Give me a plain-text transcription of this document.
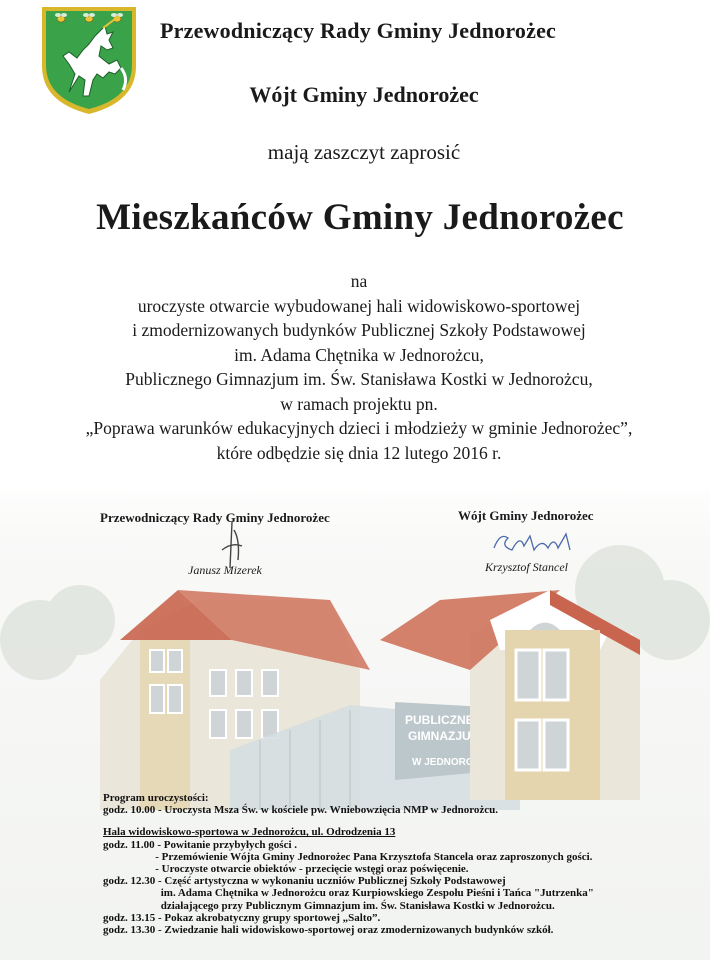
Przewodniczący Rady Gminy Jednorożec
Wójt Gminy Jednorożec
mają zaszczyt zaprosić
Mieszkańców Gminy Jednorożec
na
uroczyste otwarcie wybudowanej hali widowiskowo-sportowej
i zmodernizowanych budynków Publicznej Szkoły Podstawowej
im. Adama Chętnika w Jednorożcu,
Publicznego Gimnazjum im. Św. Stanisława Kostki w Jednorożcu,
w ramach projektu pn.
„Poprawa warunków edukacyjnych dzieci i młodzieży w gminie Jednorożec”,
które odbędzie się dnia 12 lutego 2016 r.
Przewodniczący Rady Gminy Jednorożec
Janusz Mizerek
Wójt Gminy Jednorożec
Krzysztof Stancel
Program uroczystości:
godz. 10.00 - Uroczysta Msza Św. w kościele pw. Wniebowzięcia NMP w Jednorożcu.
Hala widowiskowo-sportowa w Jednorożcu, ul. Odrodzenia 13
godz. 11.00 - Powitanie przybyłych gości .
- Przemówienie Wójta Gminy Jednorożec Pana Krzysztofa Stancela oraz zaproszonych gości.
- Uroczyste otwarcie obiektów - przecięcie wstęgi oraz poświęcenie.
godz. 12.30 - Część artystyczna w wykonaniu uczniów Publicznej Szkoły Podstawowej
im. Adama Chętnika w Jednorożcu oraz Kurpiowskiego Zespołu Pieśni i Tańca "Jutrzenka"
działającego przy Publicznym Gimnazjum im. Św. Stanisława Kostki w Jednorożcu.
godz. 13.15 - Pokaz akrobatyczny grupy sportowej „Salto”.
godz. 13.30 - Zwiedzanie hali widowiskowo-sportowej oraz zmodernizowanych budynków szkół.
